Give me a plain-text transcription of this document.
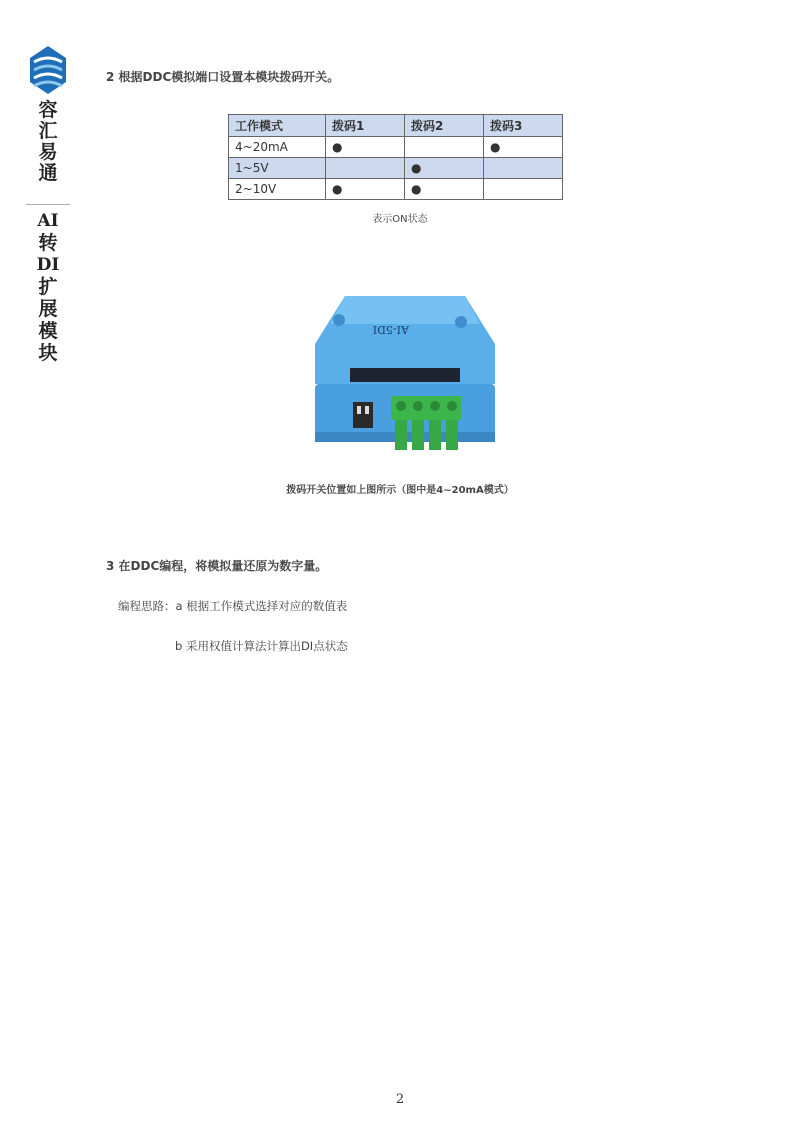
容
汇
易
通
AI
转
DI
扩
展
模
块
2 根据DDC模拟端口设置本模块拨码开关。
工作模式	拨码1	拨码2	拨码3
4~20mA	●		●
1~5V		●	
2~10V	●	●	
表示ON状态
AI-5DI
拨码开关位置如上图所示（图中是4~20mA模式）
3 在DDC编程，将模拟量还原为数字量。
编程思路：a 根据工作模式选择对应的数值表
b 采用权值计算法计算出DI点状态
2
